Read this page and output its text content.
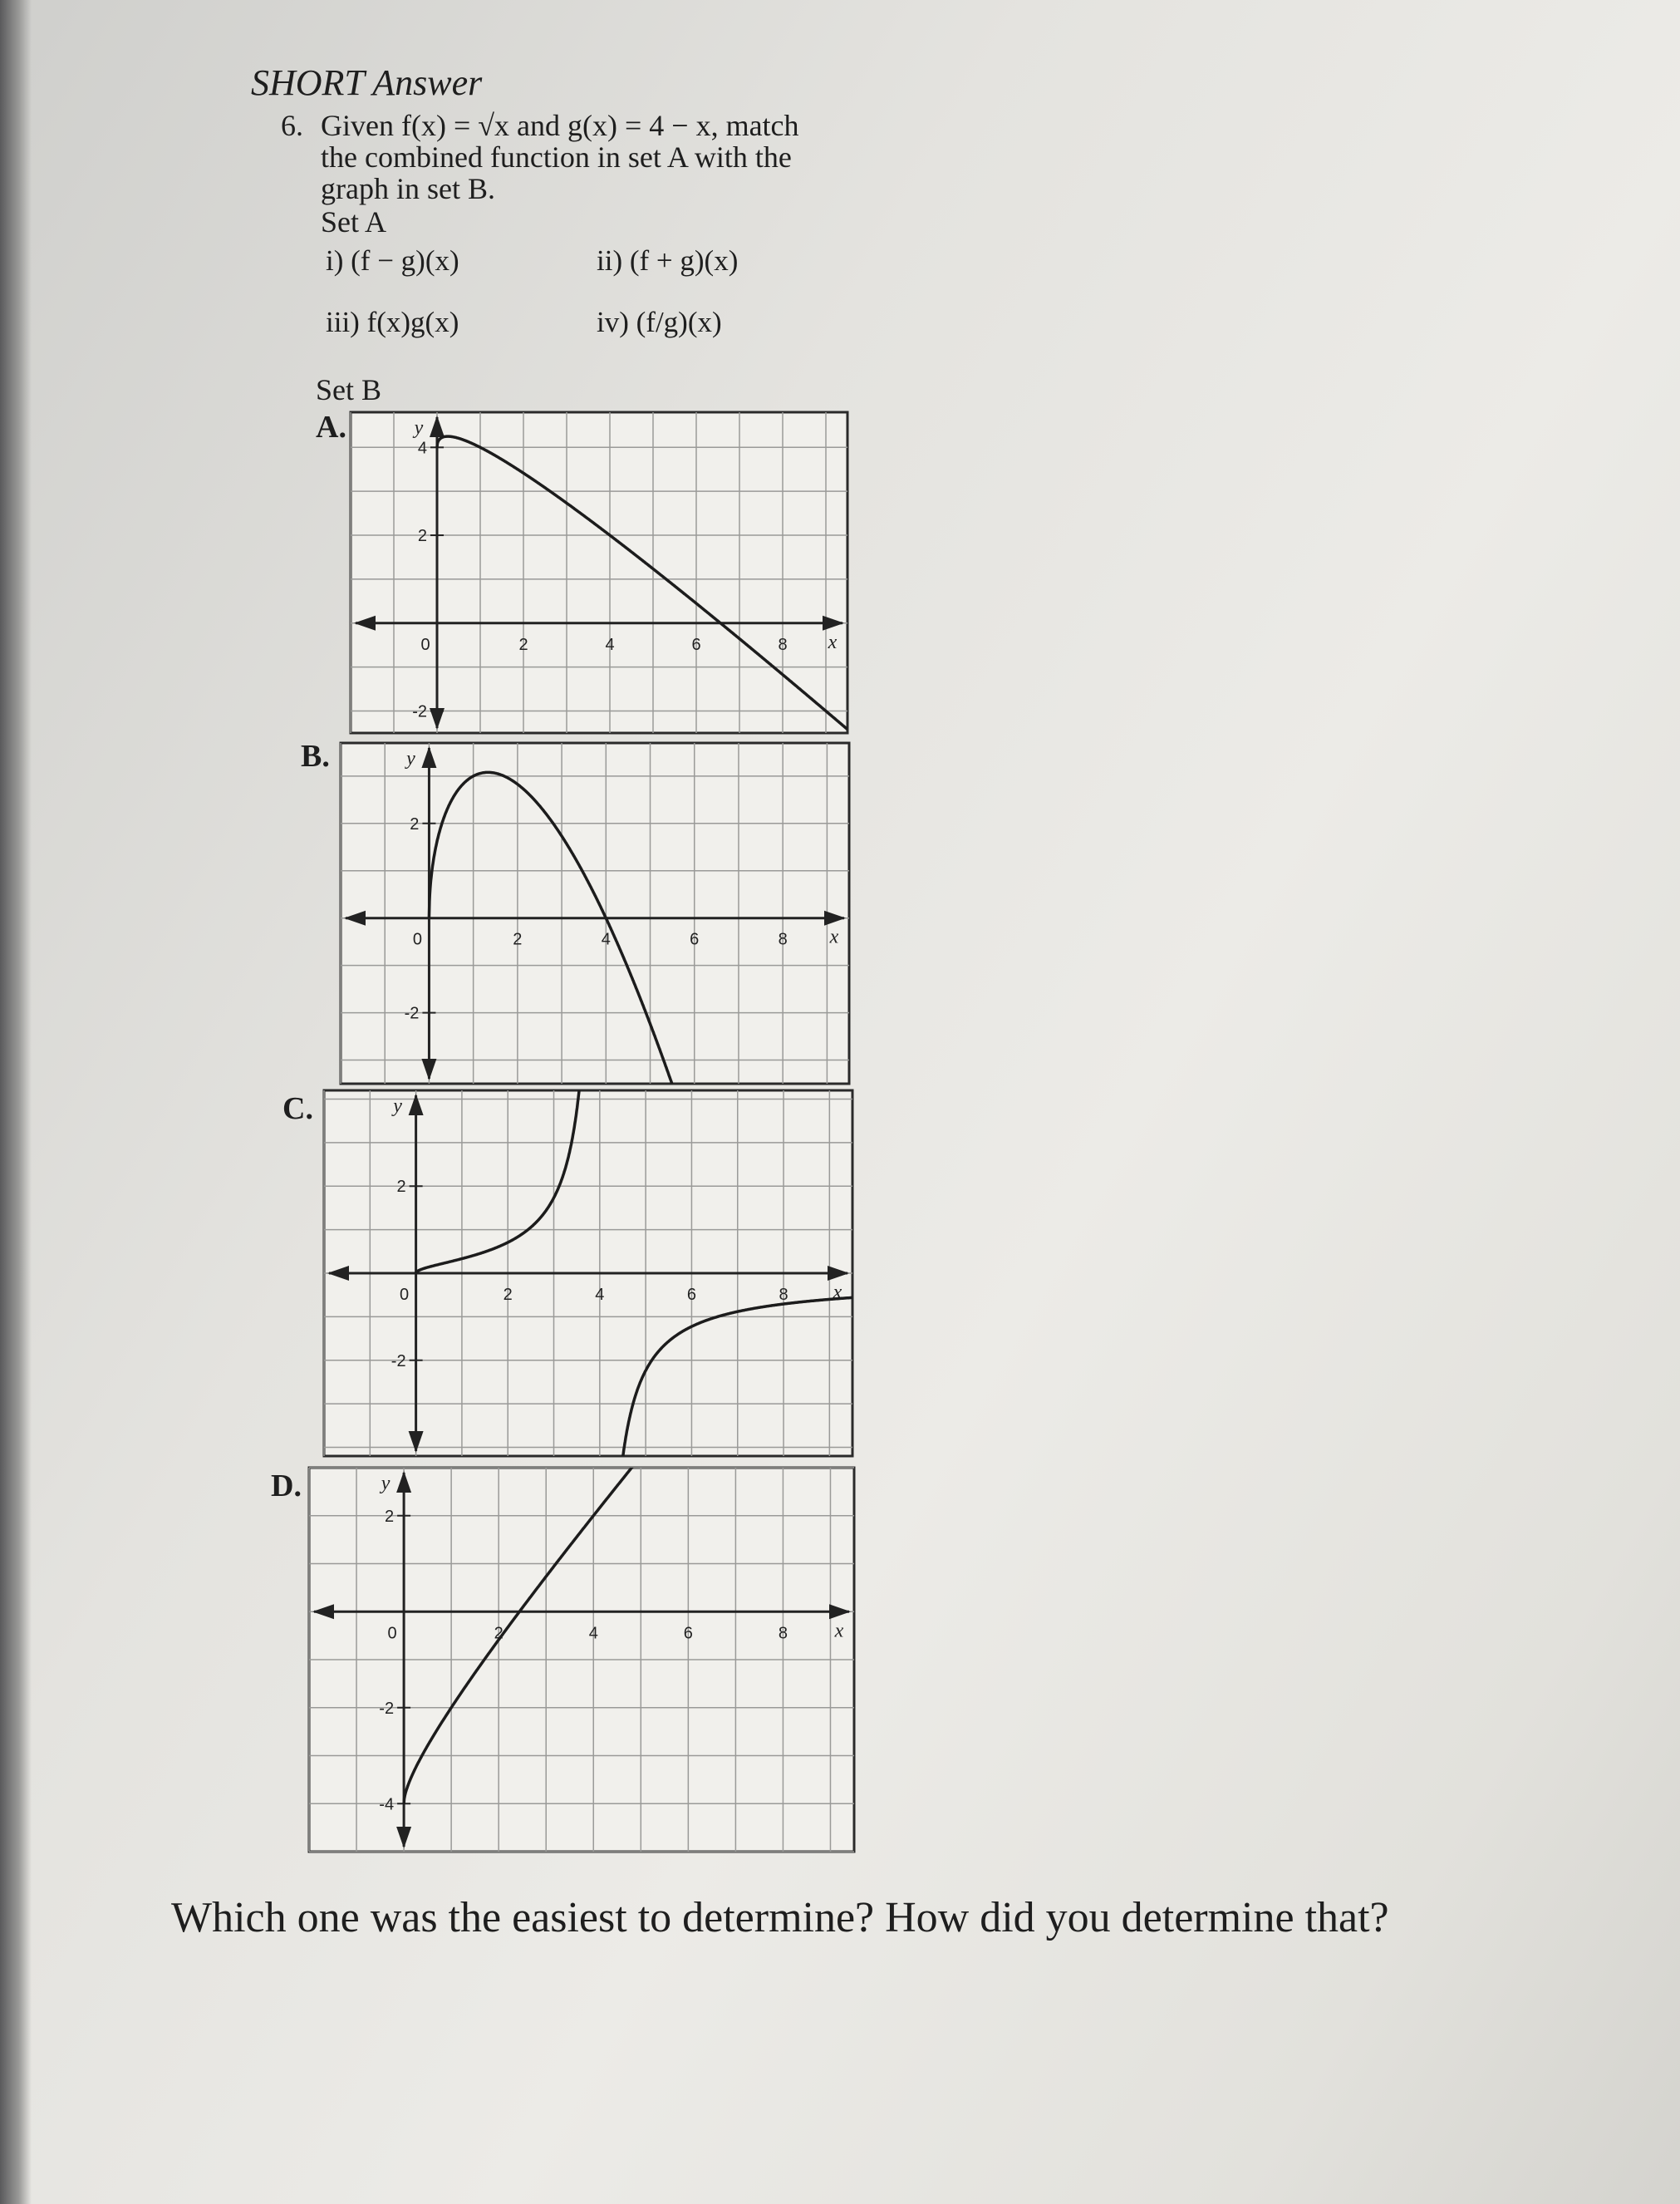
SHORT Answer
6. Given f(x) = √x and g(x) = 4 − x, match
the combined function in set A with the
graph in set B.
Set A
i) (f − g)(x)	ii) (f + g)(x)
iii) f(x)g(x)	iv) (f/g)(x)
Set B
A.
B.
C.
D.
0	2	4	6	8
4
2
-2
x
y
0	2	4	6	8
2
-2
x
y
0	2	4	6	8
2
-2
x
y
0	2	4	6	8
2
-2
-4
x
y
Which one was the easiest to determine? How did you determine that?
